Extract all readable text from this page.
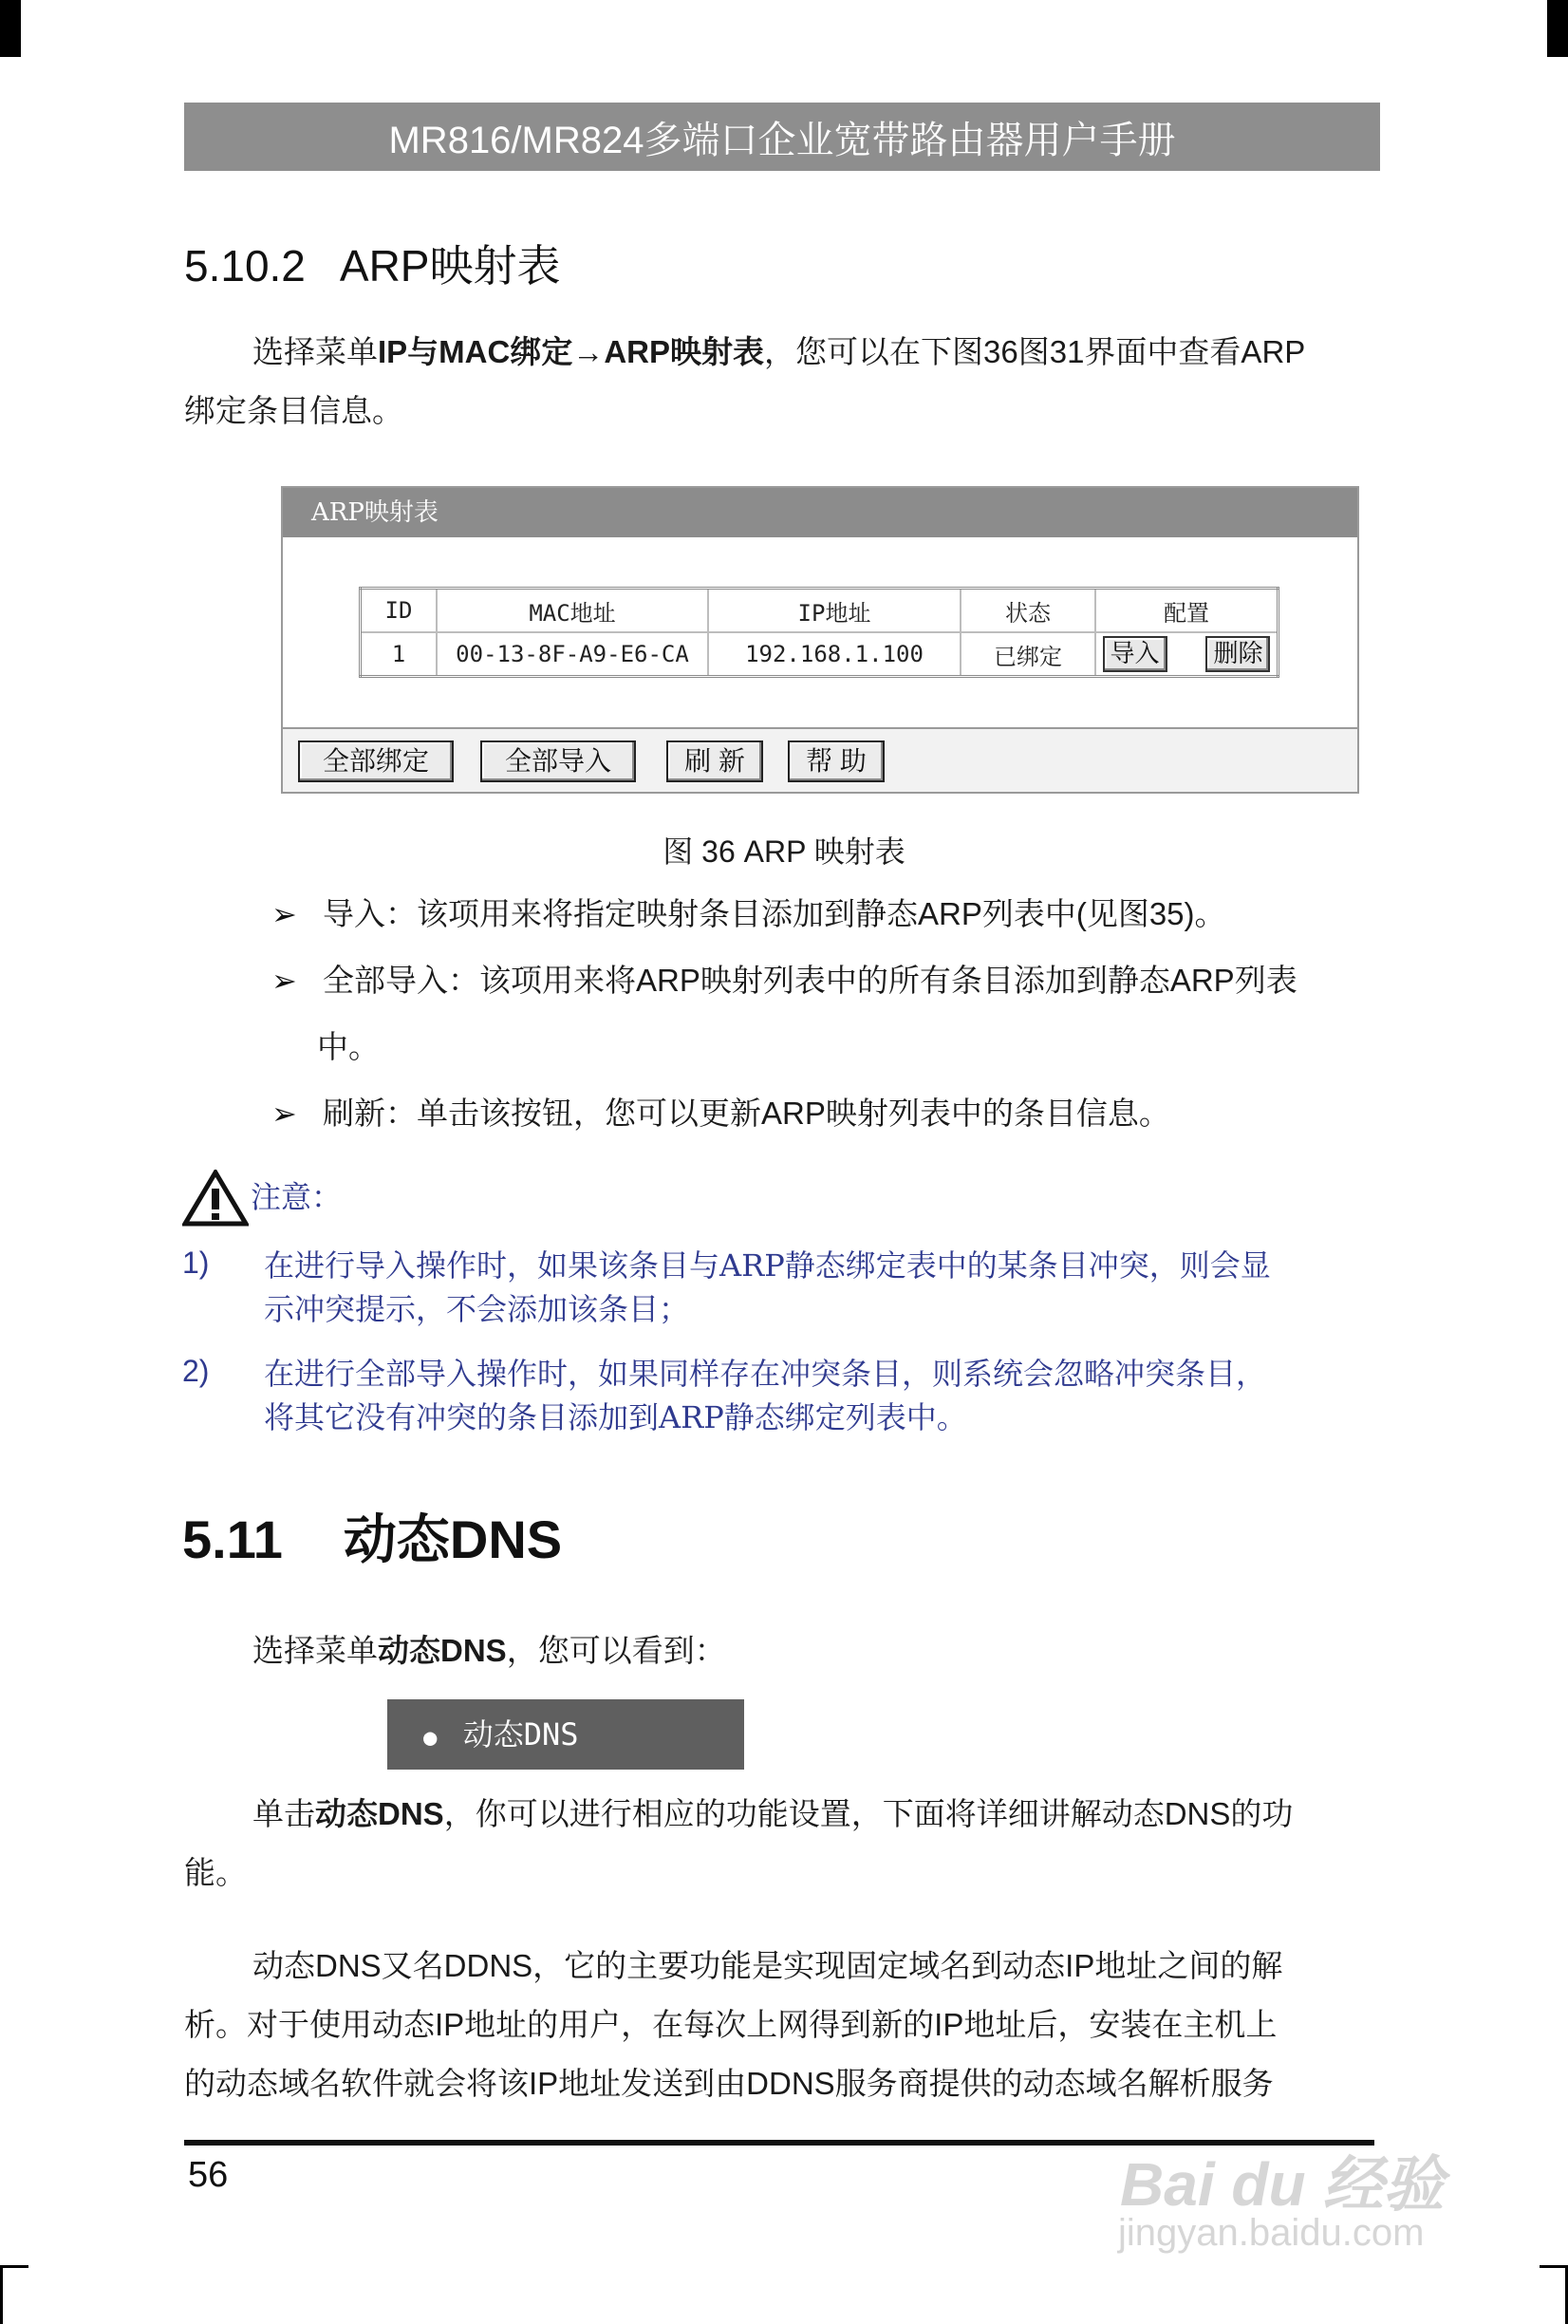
MR816/MR824多端口企业宽带路由器用户手册
5.10.2 ARP映射表
选择菜单IP与MAC绑定→ARP映射表，您可以在下图36图31界面中查看ARP
绑定条目信息。
ARP映射表
ID	MAC地址	IP地址	状态	配置
1	00-13-8F-A9-E6-CA	192.168.1.100	已绑定	导入 删除
全部绑定	全部导入	刷 新	帮 助
图 36 ARP 映射表
➢ 导入：该项用来将指定映射条目添加到静态ARP列表中(见图35)。
➢ 全部导入：该项用来将ARP映射列表中的所有条目添加到静态ARP列表
中。
➢ 刷新：单击该按钮，您可以更新ARP映射列表中的条目信息。
注意：
1) 在进行导入操作时，如果该条目与ARP静态绑定表中的某条目冲突，则会显
示冲突提示，不会添加该条目；
2) 在进行全部导入操作时，如果同样存在冲突条目，则系统会忽略冲突条目，
将其它没有冲突的条目添加到ARP静态绑定列表中。
5.11 动态DNS
选择菜单动态DNS，您可以看到：
● 动态DNS
单击动态DNS，你可以进行相应的功能设置，下面将详细讲解动态DNS的功
能。
动态DNS又名DDNS，它的主要功能是实现固定域名到动态IP地址之间的解
析。对于使用动态IP地址的用户，在每次上网得到新的IP地址后，安装在主机上
的动态域名软件就会将该IP地址发送到由DDNS服务商提供的动态域名解析服务
56	Bai du 经验
jingyan.baidu.com
